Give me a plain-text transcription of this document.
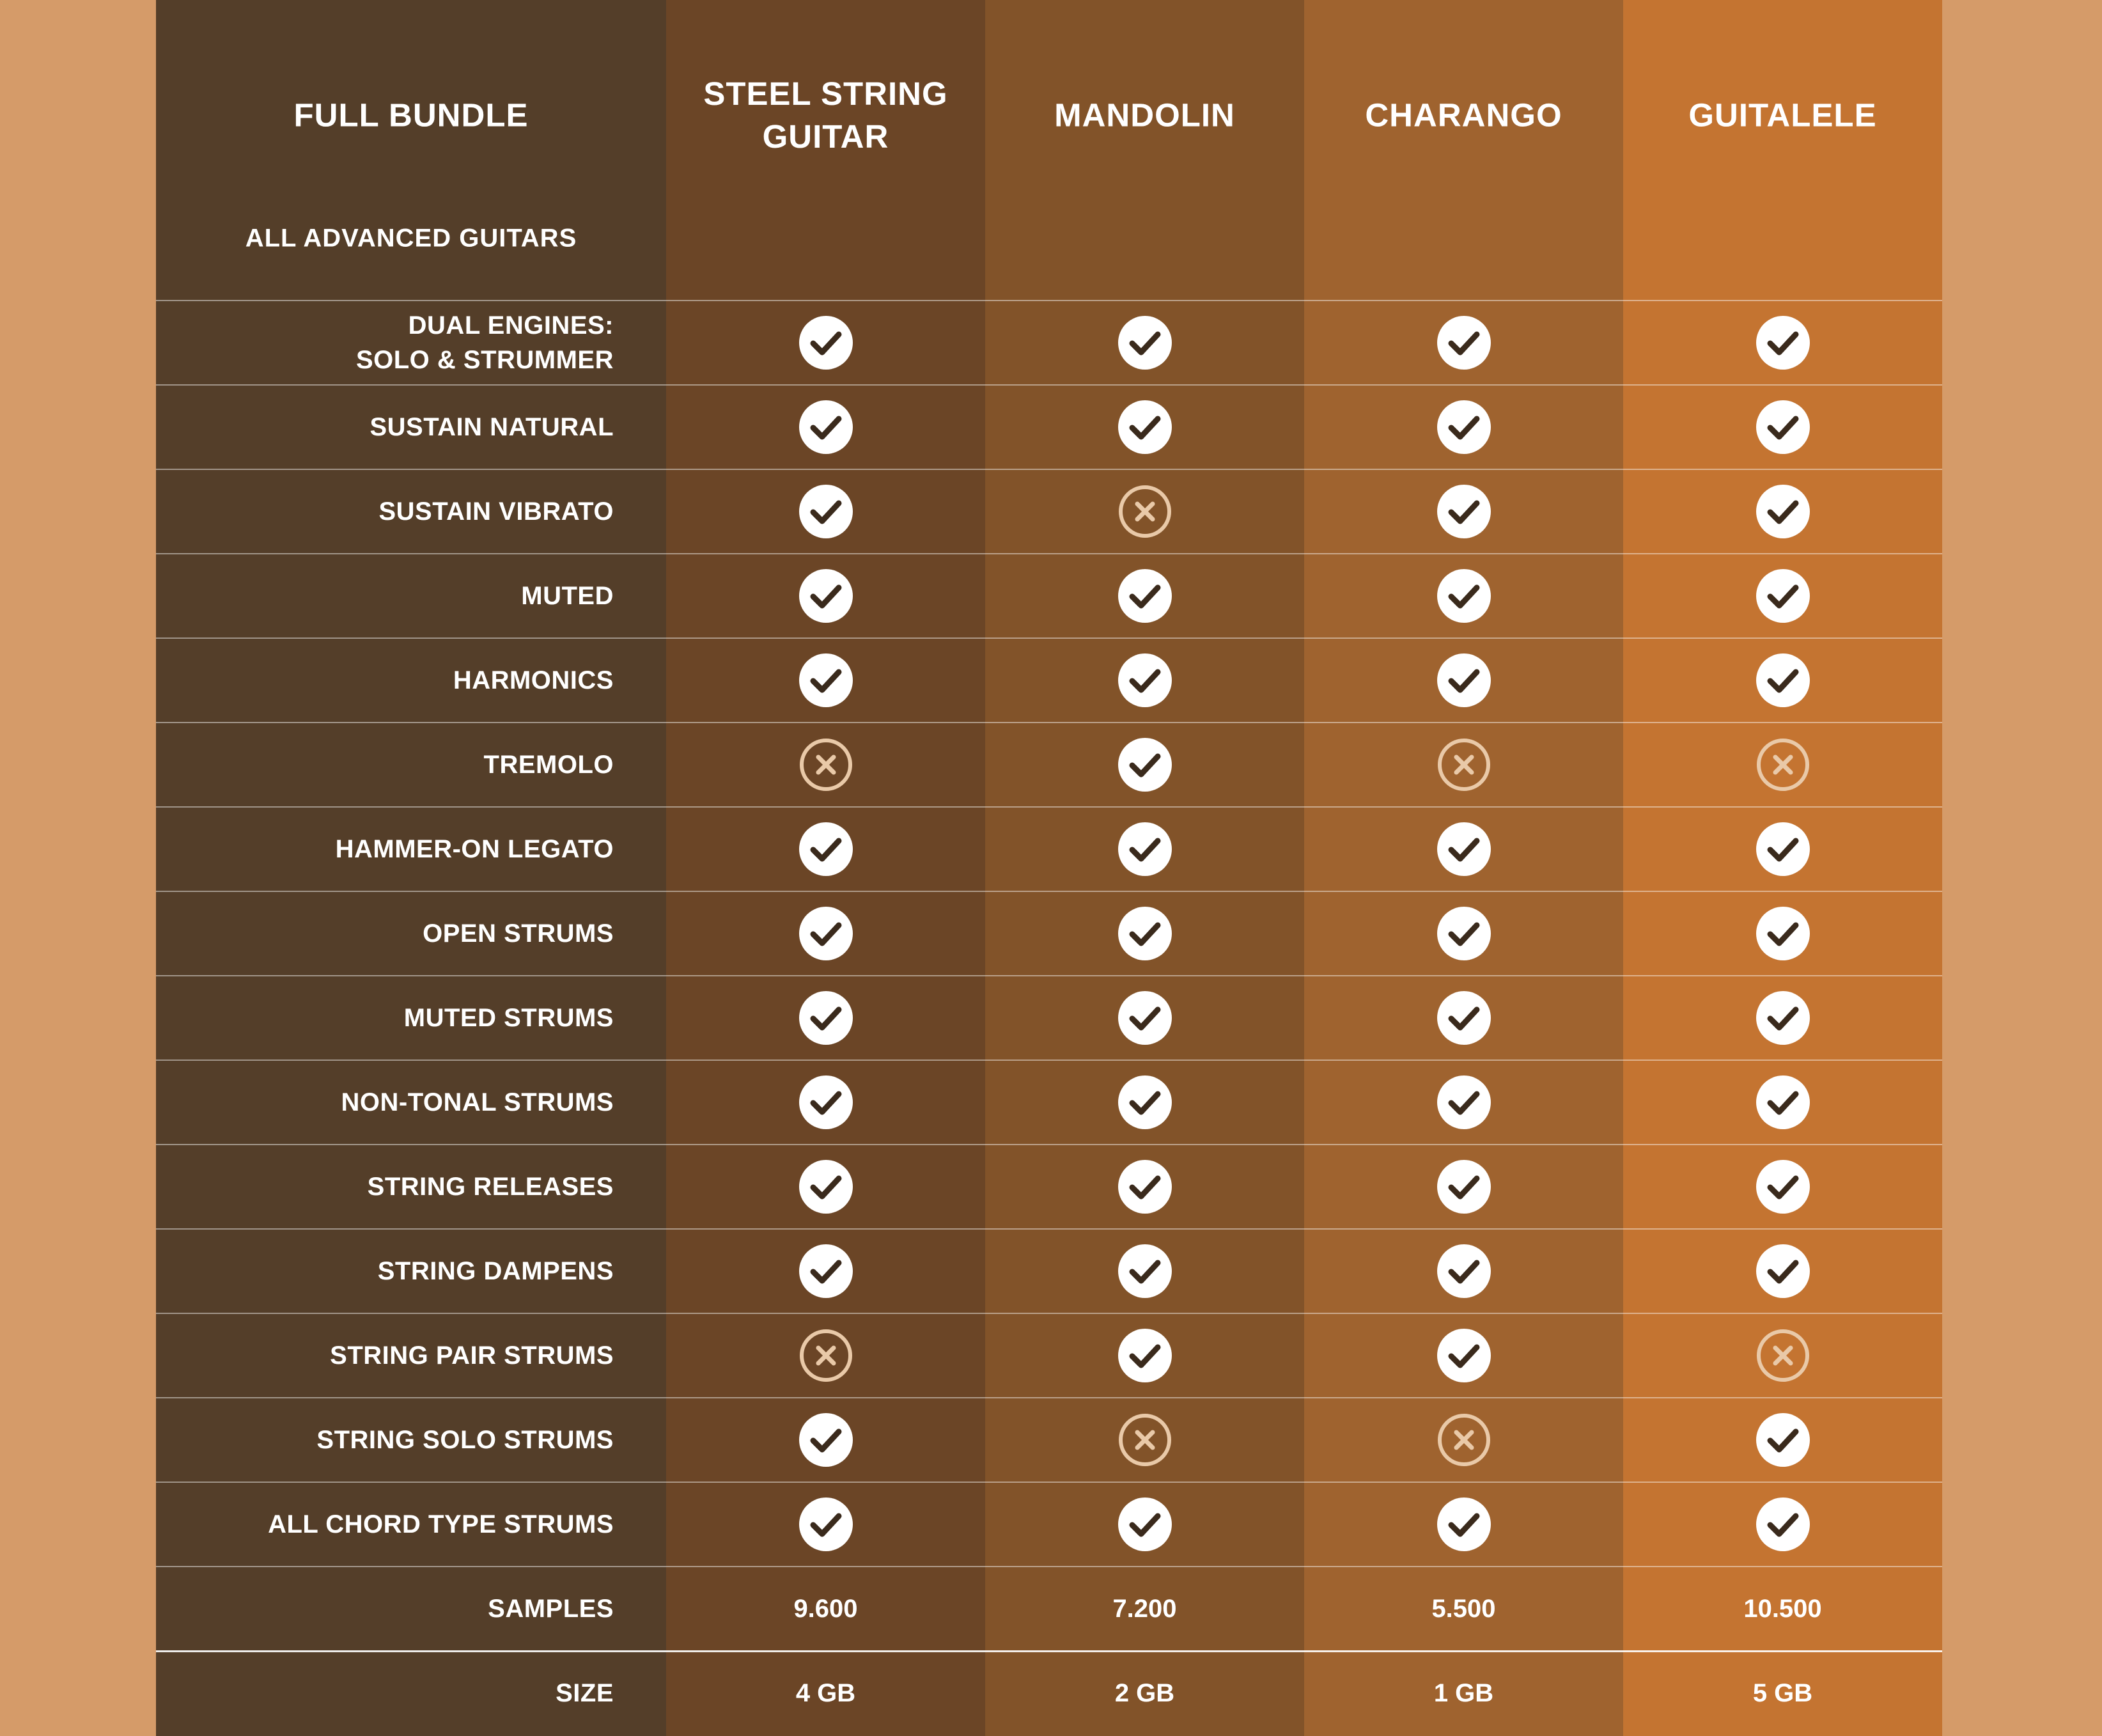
FULL BUNDLE
ALL ADVANCED GUITARS
DUAL ENGINES:
SOLO & STRUMMER
SUSTAIN NATURAL
SUSTAIN VIBRATO
MUTED
HARMONICS
TREMOLO
HAMMER-ON LEGATO
OPEN STRUMS
MUTED STRUMS
NON-TONAL STRUMS
STRING RELEASES
STRING DAMPENS
STRING PAIR STRUMS
STRING SOLO STRUMS
ALL CHORD TYPE STRUMS
SAMPLES
SIZE
STEEL STRING
GUITAR
9.600
4 GB
MANDOLIN
7.200
2 GB
CHARANGO
5.500
1 GB
GUITALELE
10.500
5 GB
